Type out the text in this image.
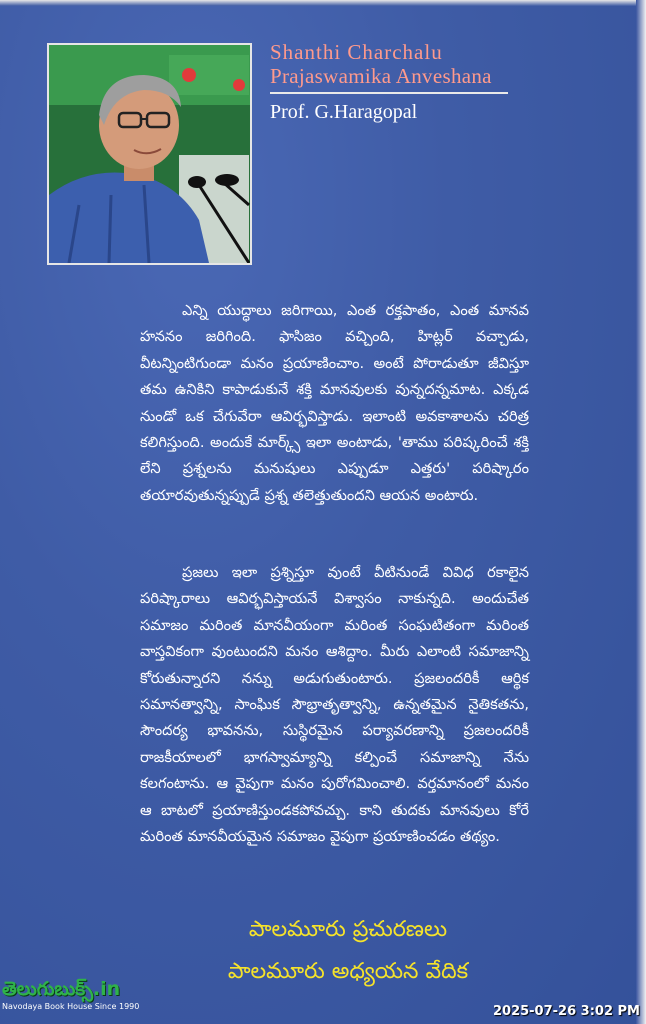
Shanthi Charchalu
Prajaswamika Anveshana
Prof. G.Haragopal

ఎన్ని యుద్ధాలు జరిగాయి, ఎంత రక్తపాతం, ఎంత మానవ హననం జరిగింది. ఫాసిజం వచ్చింది, హిట్లర్ వచ్చాడు, వీటన్నింటిగుండా మనం ప్రయాణించాం. అంటే పోరాడుతూ జీవిస్తూ తమ ఉనికిని కాపాడుకునే శక్తి మానవులకు వున్నదన్నమాట. ఎక్కడ నుండో ఒక చేగువేరా ఆవిర్భవిస్తాడు. ఇలాంటి అవకాశాలను చరిత్ర కలిగిస్తుంది. అందుకే మార్క్స్ ఇలా అంటాడు, 'తాము పరిష్కరించే శక్తి లేని ప్రశ్నలను మనుషులు ఎప్పుడూ ఎత్తరు' పరిష్కారం తయారవుతున్నప్పుడే ప్రశ్న తలెత్తుతుందని ఆయన అంటారు.

ప్రజలు ఇలా ప్రశ్నిస్తూ వుంటే వీటినుండే వివిధ రకాలైన పరిష్కారాలు ఆవిర్భవిస్తాయనే విశ్వాసం నాకున్నది. అందుచేత సమాజం మరింత మానవీయంగా మరింత సంఘటితంగా మరింత వాస్తవికంగా వుంటుందని మనం ఆశిద్దాం. మీరు ఎలాంటి సమాజాన్ని కోరుతున్నారని నన్ను అడుగుతుంటారు. ప్రజలందరికీ ఆర్థిక సమానత్వాన్ని, సాంఘిక సౌభ్రాతృత్వాన్ని, ఉన్నతమైన నైతికతను, సౌందర్య భావనను, సుస్థిరమైన పర్యావరణాన్ని ప్రజలందరికీ రాజకీయాలలో భాగస్వామ్యాన్ని కల్పించే సమాజాన్ని నేను కలగంటాను. ఆ వైపుగా మనం పురోగమించాలి. వర్తమానంలో మనం ఆ బాటలో ప్రయాణిస్తుండకపోవచ్చు. కాని తుదకు మానవులు కోరే మరింత మానవీయమైన సమాజం వైపుగా ప్రయాణించడం తథ్యం.

పాలమూరు ప్రచురణలు
పాలమూరు అధ్యయన వేదిక
తెలుగుబుక్స్.in
Navodaya Book House Since 1990	2025-07-26 3:02 PM
